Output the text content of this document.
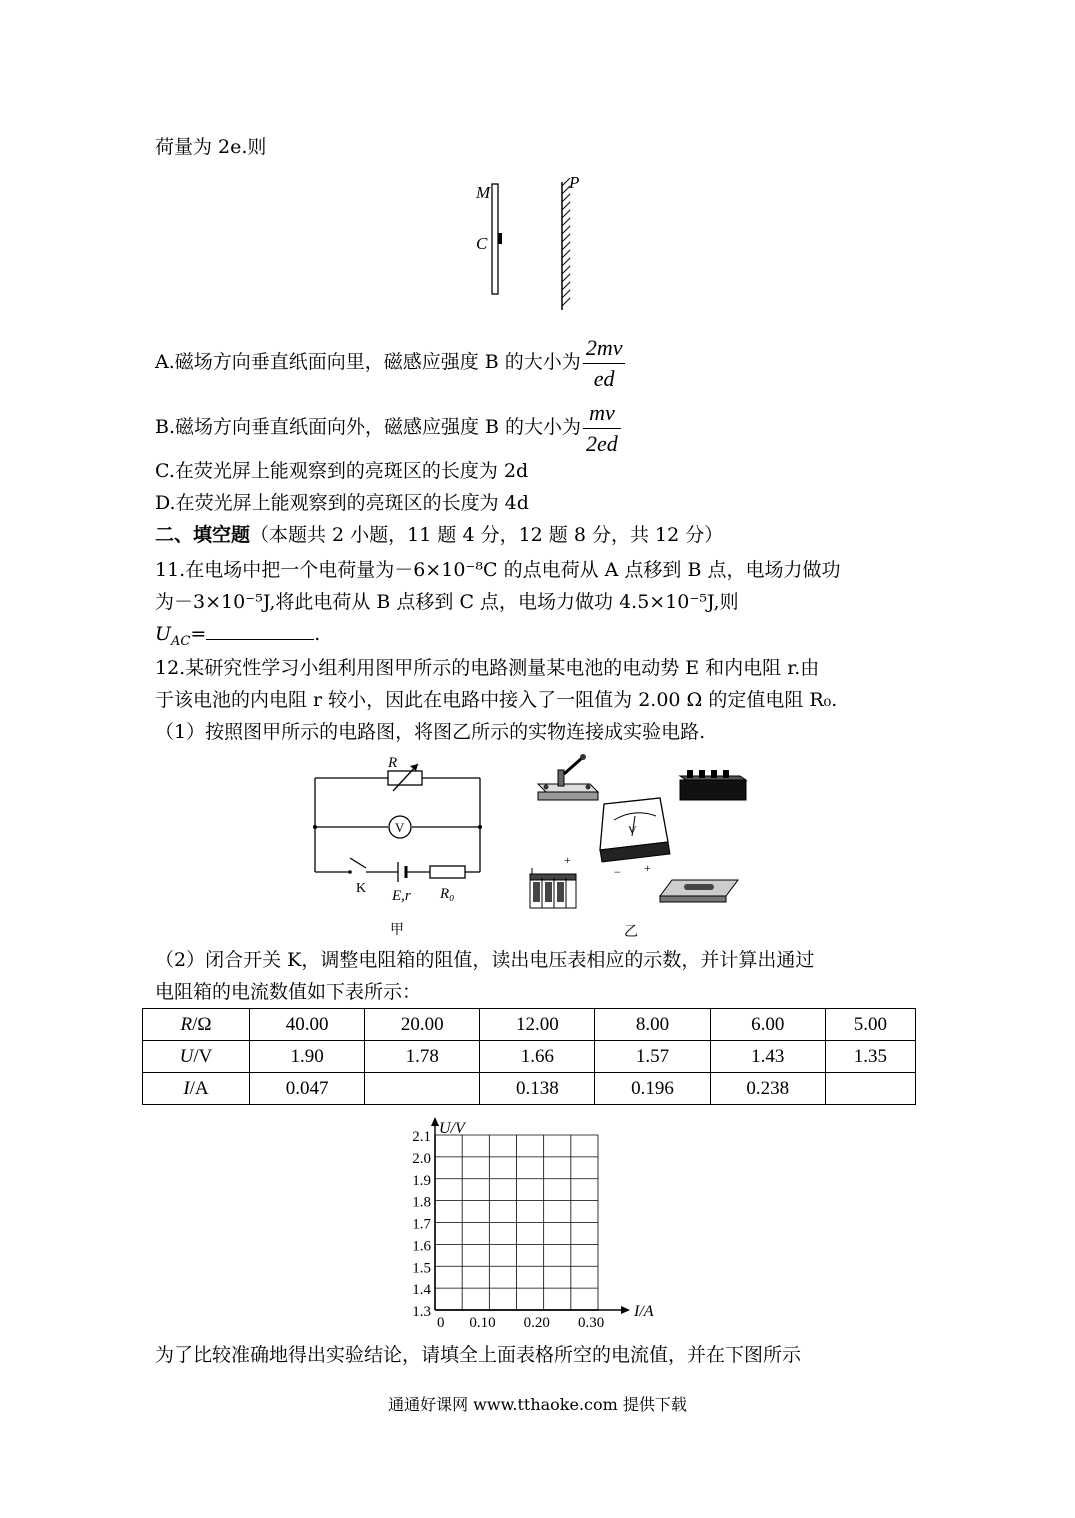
荷量为 2e.则
M
C
P
A.磁场方向垂直纸面向里，磁感应强度 B 的大小为 $\frac{2mv}{ed}$
B.磁场方向垂直纸面向外，磁感应强度 B 的大小为 $\frac{mv}{2ed}$
C.在荧光屏上能观察到的亮斑区的长度为 2d
D.在荧光屏上能观察到的亮斑区的长度为 4d
二、填空题（本题共 2 小题，11 题 4 分，12 题 8 分，共 12 分）
11.在电场中把一个电荷量为－6×10⁻⁸C 的点电荷从 A 点移到 B 点，电场力做功
为－3×10⁻⁵J,将此电荷从 B 点移到 C 点，电场力做功 4.5×10⁻⁵J,则
$U_{AC}=$	.
12.某研究性学习小组利用图甲所示的电路测量某电池的电动势 E 和内电阻 r.由
于该电池的内电阻 r 较小，因此在电路中接入了一阻值为 2.00 Ω 的定值电阻 R₀.
（1）按照图甲所示的电路图，将图乙所示的实物连接成实验电路.
R
V
K E,r R₀
甲
V
− +
+
乙
（2）闭合开关 K，调整电阻箱的阻值，读出电压表相应的示数，并计算出通过
电阻箱的电流数值如下表所示：
R/Ω	40.00	20.00	12.00	8.00	6.00	5.00
U/V	1.90	1.78	1.66	1.57	1.43	1.35
I/A	0.047		0.138	0.196	0.238	
1.3
1.4
1.5
1.6
1.7
1.8
1.9
2.0
2.1
0 0.10 0.20 0.30
U/V
I/A
为了比较准确地得出实验结论，请填全上面表格所空的电流值，并在下图所示
通通好课网 www.tthaoke.com 提供下载
